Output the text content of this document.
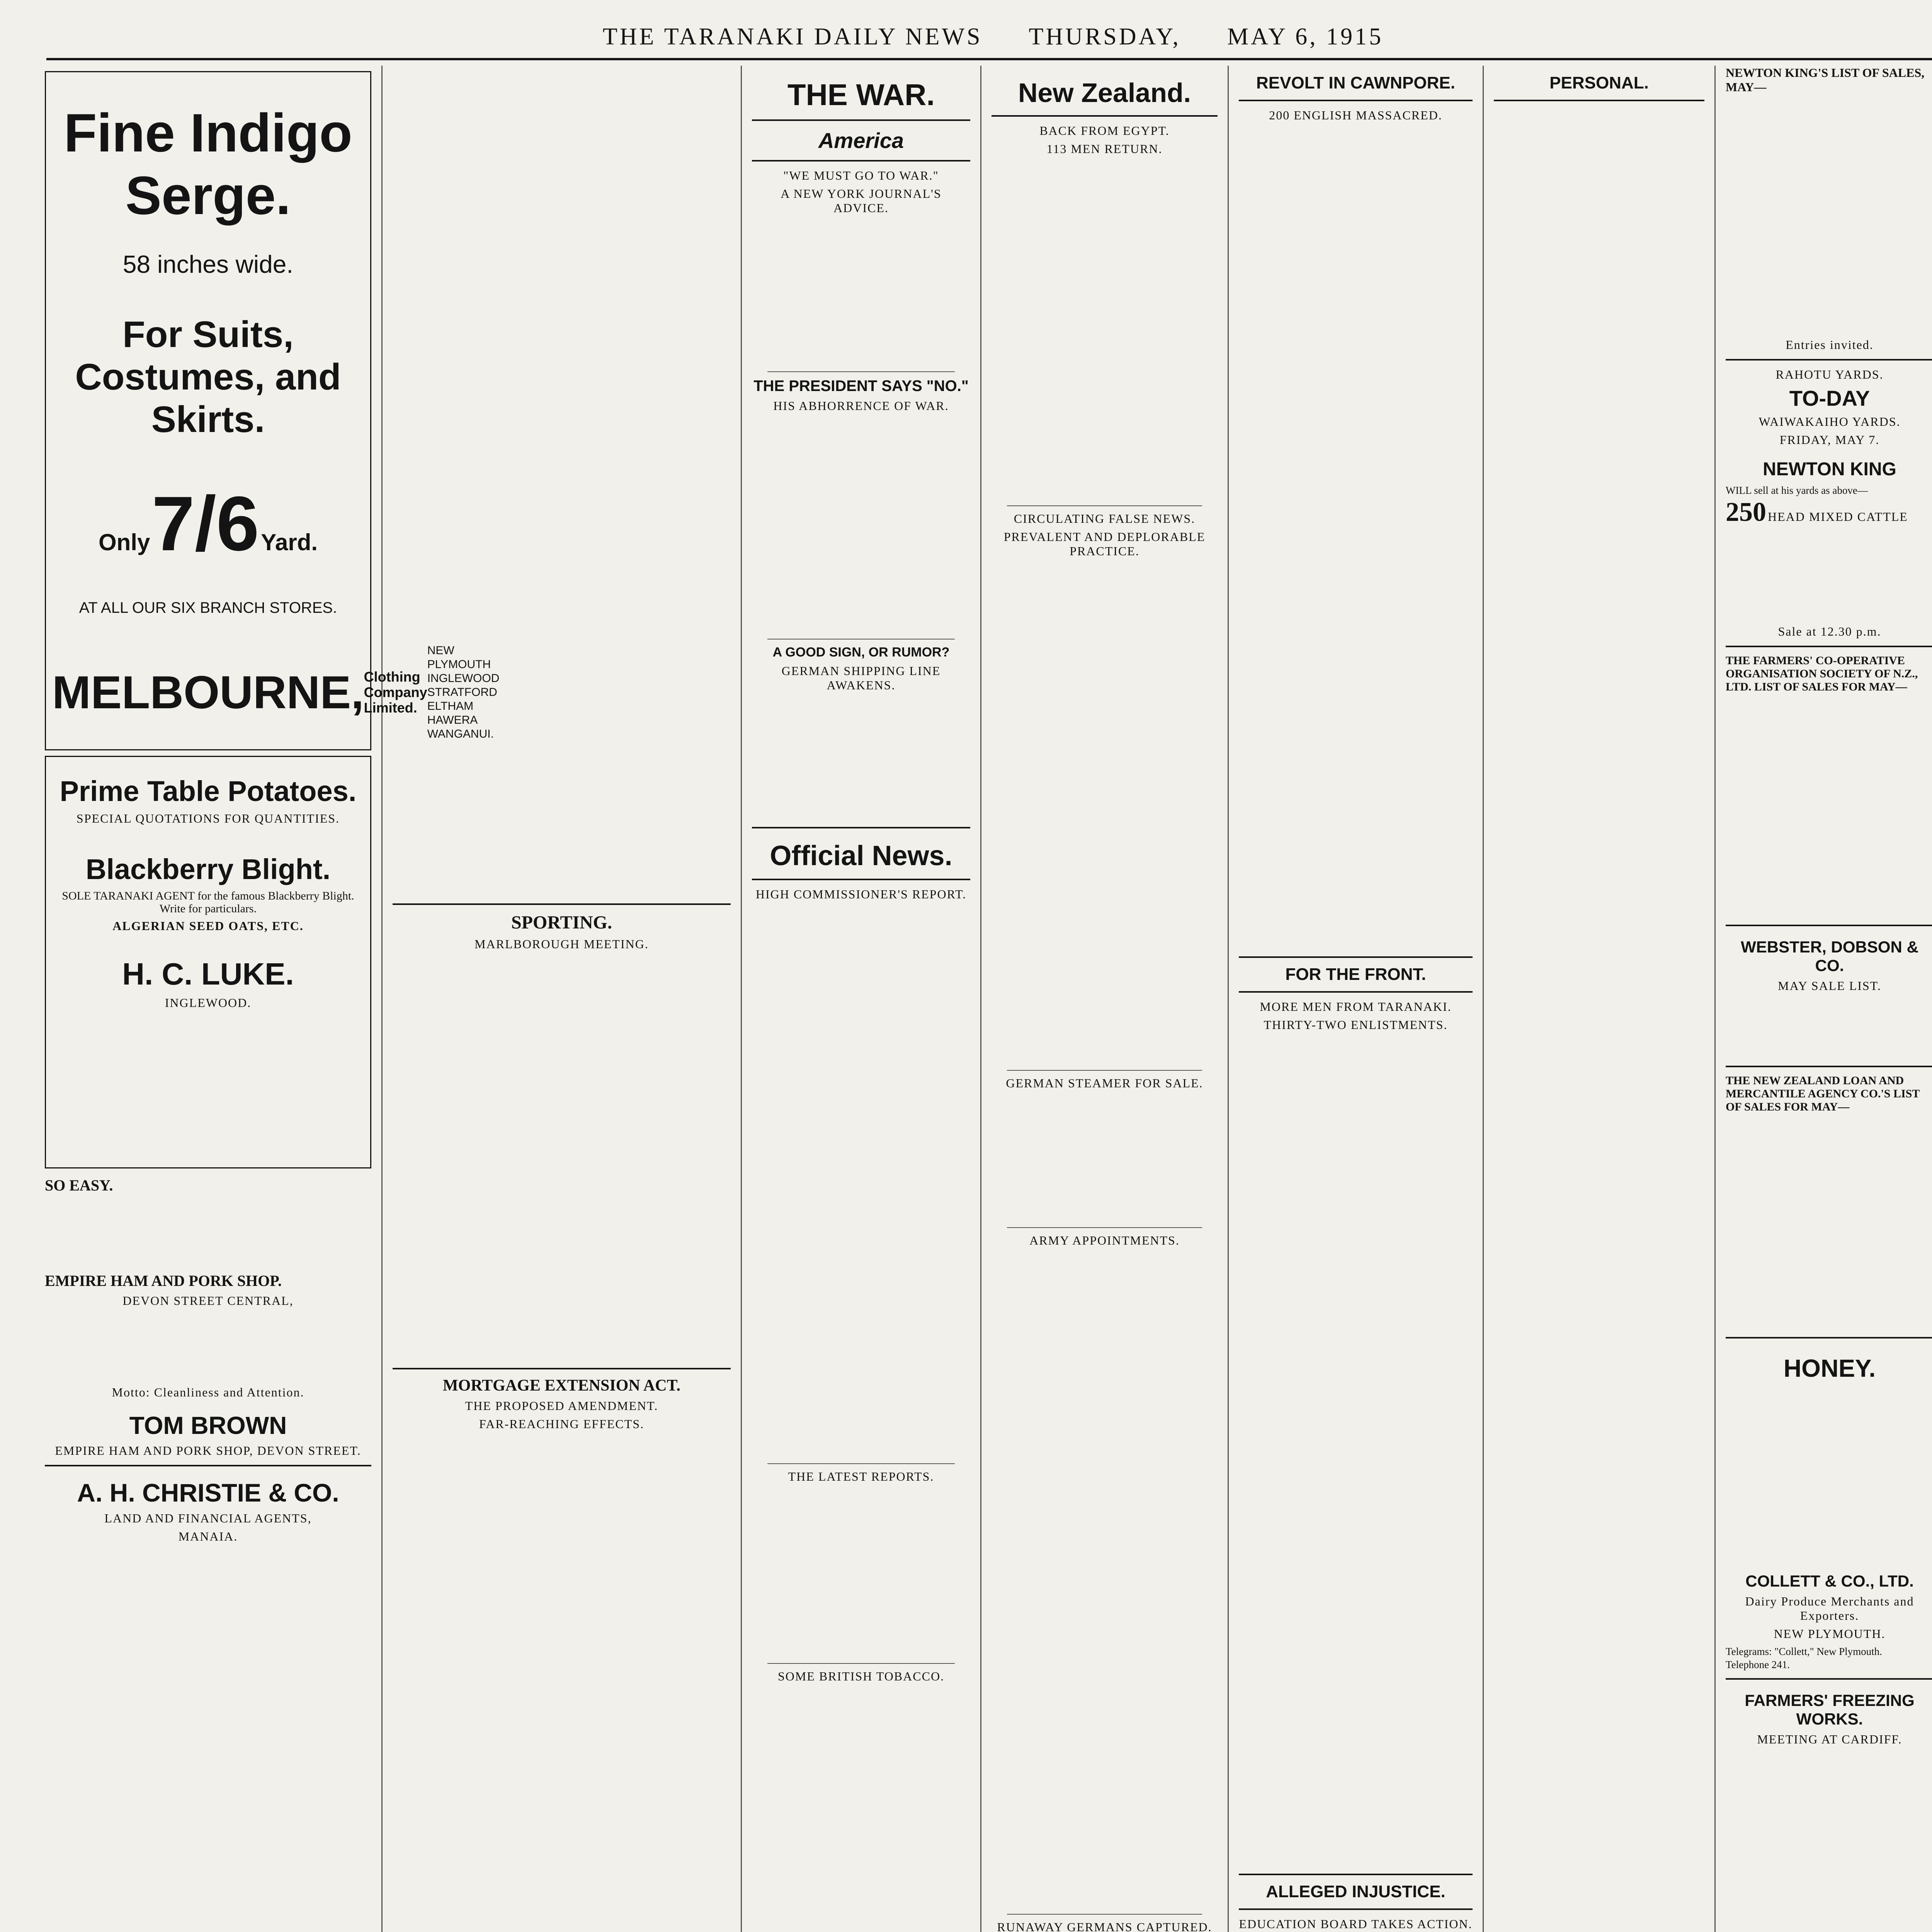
THE TARANAKI DAILY NEWS THURSDAY, MAY 6, 1915
Fine Indigo Serge.
58 inches wide.
For Suits, Costumes, and Skirts.
Only 7/6 Yard.
AT ALL OUR SIX BRANCH STORES.
MELBOURNE, Clothing
Company
Limited.
NEW PLYMOUTH
INGLEWOOD
STRATFORD
ELTHAM
HAWERA
WANGANUI.
Prime Table Potatoes.
SPECIAL QUOTATIONS FOR QUANTITIES.
Blackberry Blight.
SOLE TARANAKI AGENT for the famous Blackberry Blight. Write for particulars.
ALGERIAN SEED OATS, ETC.
H. C. LUKE.
INGLEWOOD.
SO EASY.
EMPIRE HAM AND PORK SHOP.
DEVON STREET CENTRAL,
Motto: Cleanliness and Attention.
TOM BROWN
EMPIRE HAM AND PORK SHOP, DEVON STREET.
A. H. CHRISTIE & CO.
LAND AND FINANCIAL AGENTS,
MANAIA.
SPORTING.
MARLBOROUGH MEETING.
MORTGAGE EXTENSION ACT.
THE PROPOSED AMENDMENT.
FAR-REACHING EFFECTS.
THE WAR.
America
"WE MUST GO TO WAR."
A NEW YORK JOURNAL'S ADVICE.
THE PRESIDENT SAYS "NO."
HIS ABHORRENCE OF WAR.
A GOOD SIGN, OR RUMOR?
GERMAN SHIPPING LINE AWAKENS.
Official News.
HIGH COMMISSIONER'S REPORT.
THE LATEST REPORTS.
SOME BRITISH TOBACCO.
New Zealand.
BACK FROM EGYPT.
113 MEN RETURN.
CIRCULATING FALSE NEWS.
PREVALENT AND DEPLORABLE PRACTICE.
GERMAN STEAMER FOR SALE.
ARMY APPOINTMENTS.
RUNAWAY GERMANS CAPTURED.
REVOLT IN CAWNPORE.
200 ENGLISH MASSACRED.
FOR THE FRONT.
MORE MEN FROM TARANAKI.
THIRTY-TWO ENLISTMENTS.
ALLEGED INJUSTICE.
EDUCATION BOARD TAKES ACTION.
PERSONAL.
NEWTON KING'S LIST OF SALES, MAY—
Entries invited.
RAHOTU YARDS.
TO-DAY
WAIWAKAIHO YARDS.
FRIDAY, MAY 7.
NEWTON KING
WILL sell at his yards as above—
250 HEAD MIXED CATTLE
Sale at 12.30 p.m.
THE FARMERS' CO-OPERATIVE ORGANISATION SOCIETY OF N.Z., LTD. LIST OF SALES FOR MAY—
WEBSTER, DOBSON & CO.
MAY SALE LIST.
THE NEW ZEALAND LOAN AND MERCANTILE AGENCY CO.'S LIST OF SALES FOR MAY—
HONEY.
COLLETT & CO., LTD.
Dairy Produce Merchants and Exporters.
NEW PLYMOUTH.
Telegrams: "Collett," New Plymouth.
Telephone 241.
FARMERS' FREEZING WORKS.
MEETING AT CARDIFF.
